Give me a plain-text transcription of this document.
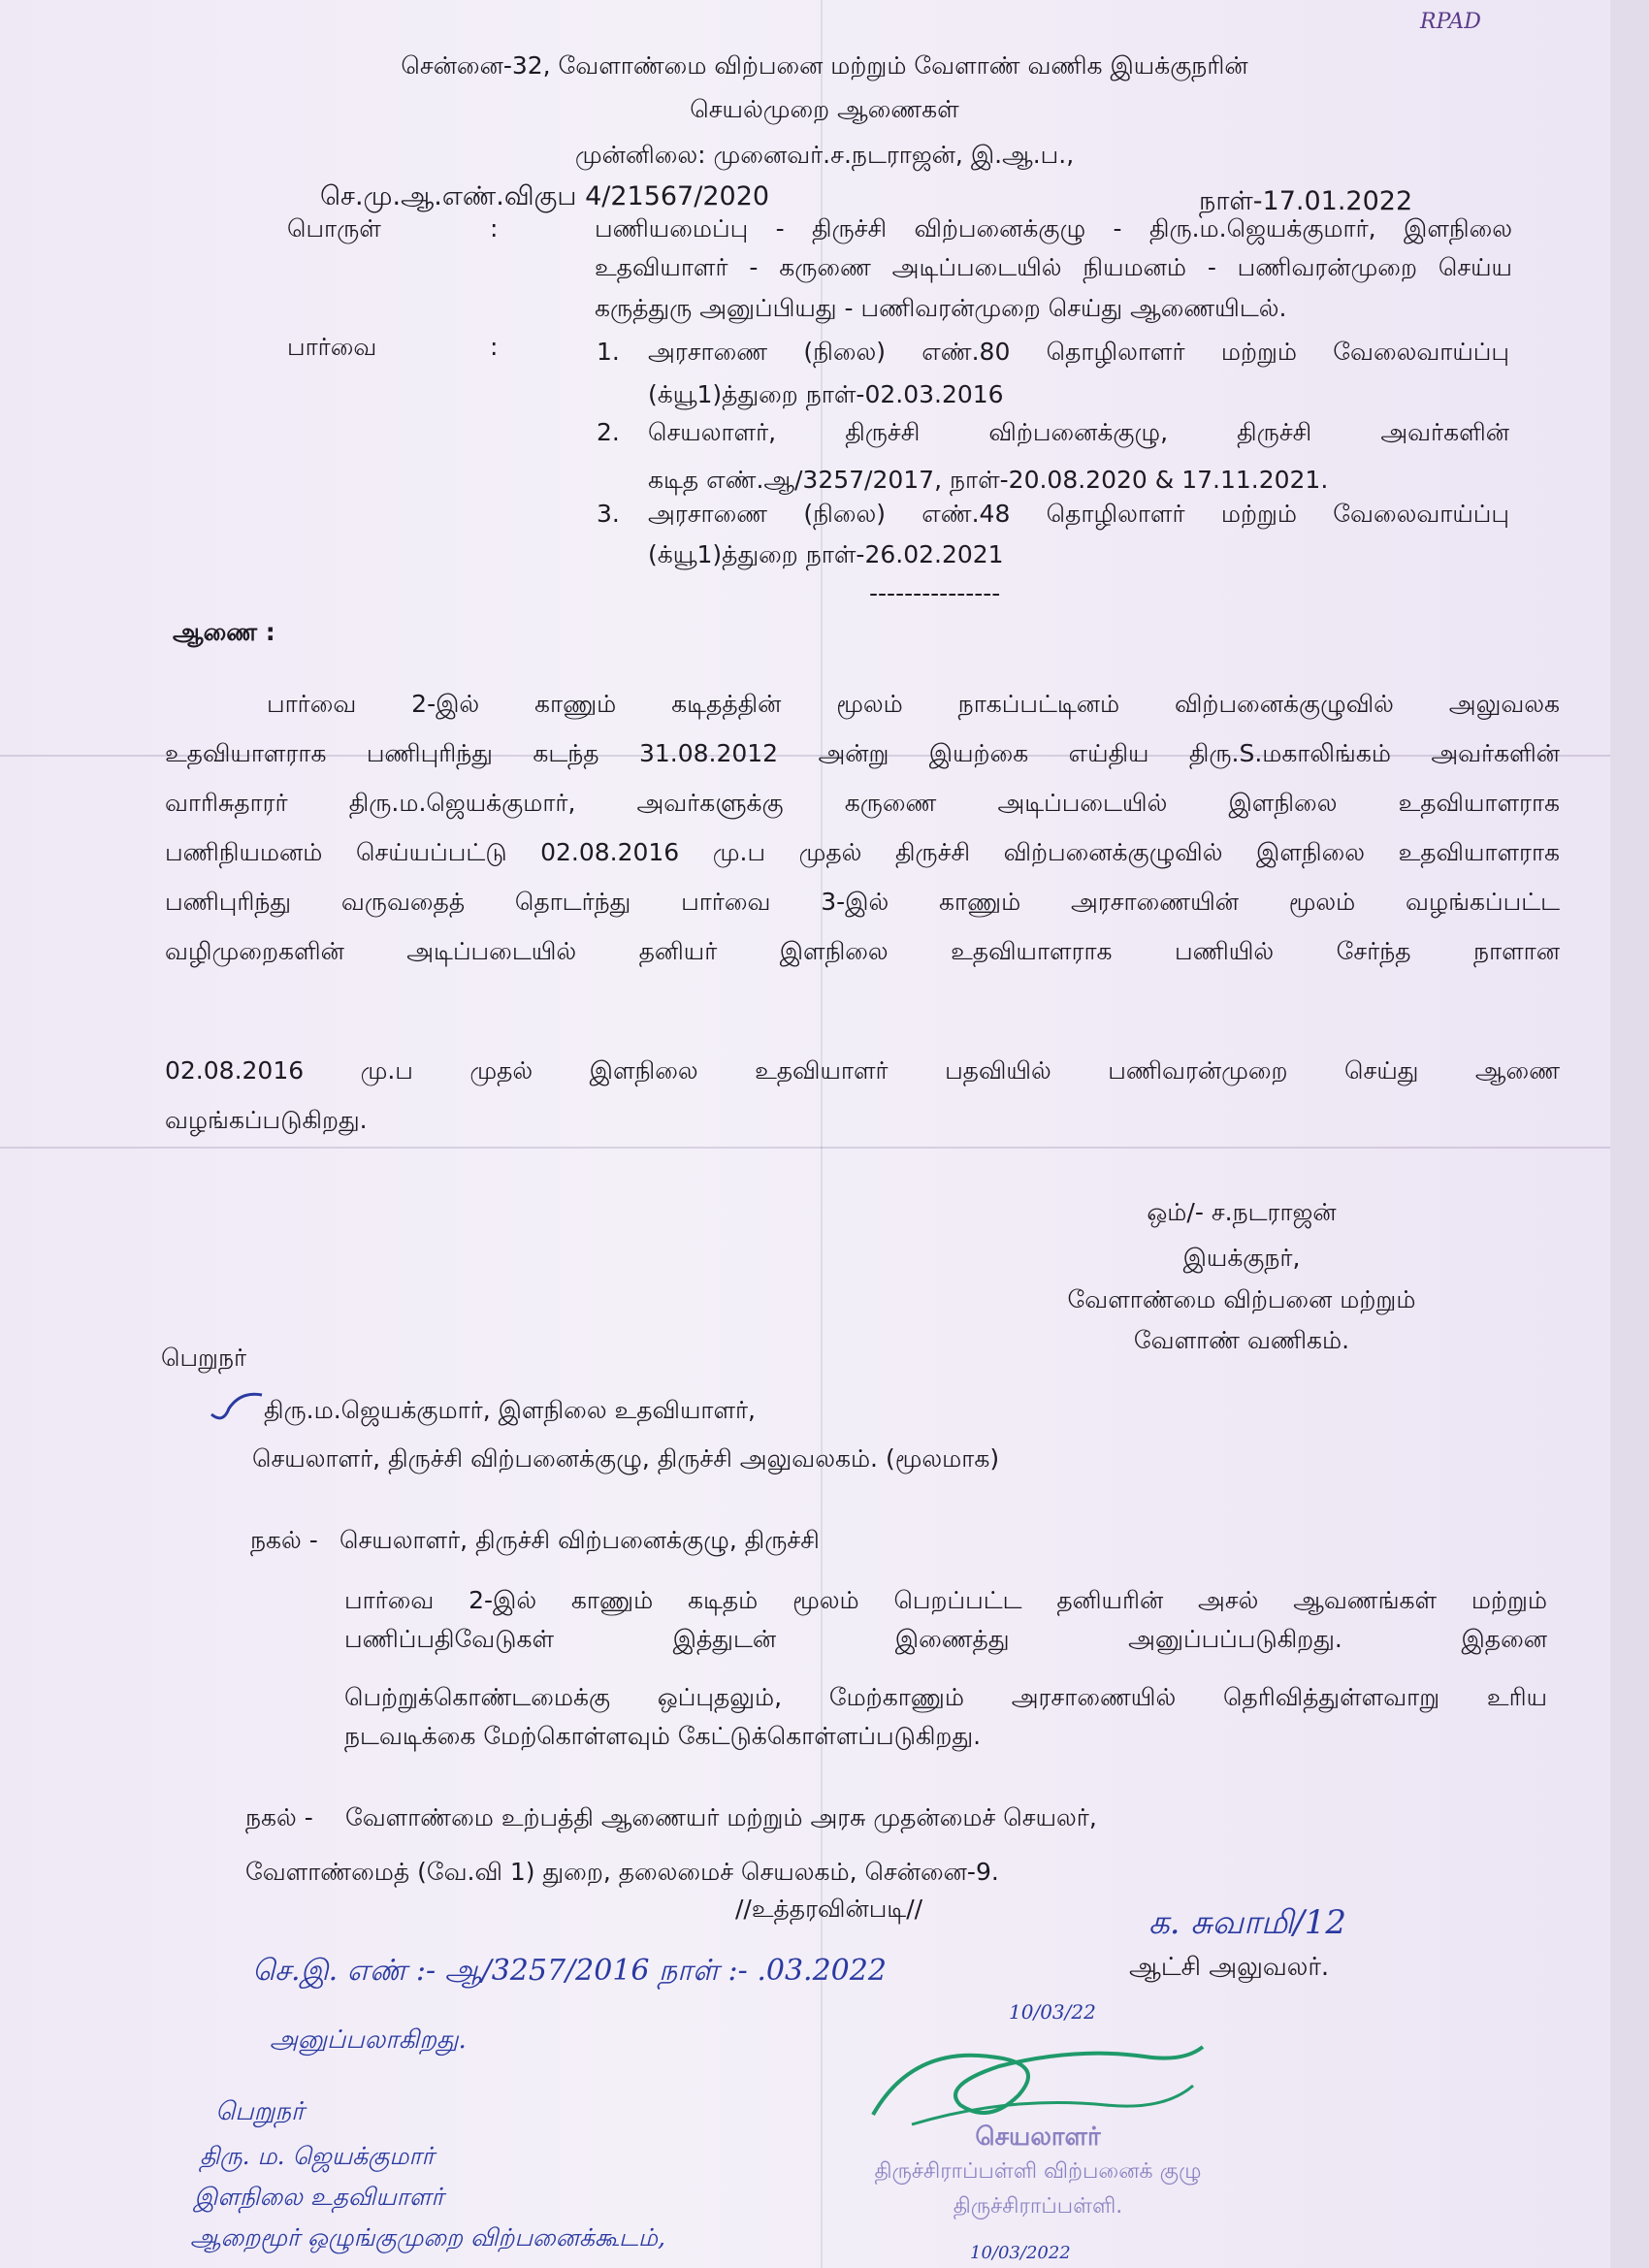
RPAD
சென்னை-32, வேளாண்மை விற்பனை மற்றும் வேளாண் வணிக இயக்குநரின்
செயல்முறை ஆணைகள்
முன்னிலை: முனைவர்.ச.நடராஜன், இ.ஆ.ப.,
செ.மு.ஆ.எண்.விகுப 4/21567/2020	நாள்-17.01.2022
பொருள்	:	பணியமைப்பு - திருச்சி விற்பனைக்குழு - திரு.ம.ஜெயக்குமார், இளநிலை
உதவியாளர் - கருணை அடிப்படையில் நியமனம் - பணிவரன்முறை செய்ய
கருத்துரு அனுப்பியது - பணிவரன்முறை செய்து ஆணையிடல்.
பார்வை	:	1. அரசாணை (நிலை) எண்.80 தொழிலாளர் மற்றும் வேலைவாய்ப்பு
(க்யூ1)த்துறை நாள்-02.03.2016
2. செயலாளர், திருச்சி விற்பனைக்குழு, திருச்சி அவர்களின்
கடித எண்.ஆ/3257/2017, நாள்-20.08.2020 & 17.11.2021.
3. அரசாணை (நிலை) எண்.48 தொழிலாளர் மற்றும் வேலைவாய்ப்பு
(க்யூ1)த்துறை நாள்-26.02.2021
---------------
ஆணை :
பார்வை 2-இல் காணும் கடிதத்தின் மூலம் நாகப்பட்டினம் விற்பனைக்குழுவில் அலுவலக
உதவியாளராக பணிபுரிந்து கடந்த 31.08.2012 அன்று இயற்கை எய்திய திரு.S.மகாலிங்கம் அவர்களின்
வாரிசுதாரர் திரு.ம.ஜெயக்குமார், அவர்களுக்கு கருணை அடிப்படையில் இளநிலை உதவியாளராக
பணிநியமனம் செய்யப்பட்டு 02.08.2016 மு.ப முதல் திருச்சி விற்பனைக்குழுவில் இளநிலை உதவியாளராக
பணிபுரிந்து வருவதைத் தொடர்ந்து பார்வை 3-இல் காணும் அரசாணையின் மூலம் வழங்கப்பட்ட
வழிமுறைகளின் அடிப்படையில் தனியர் இளநிலை உதவியாளராக பணியில் சேர்ந்த நாளான
02.08.2016 மு.ப முதல் இளநிலை உதவியாளர் பதவியில் பணிவரன்முறை செய்து ஆணை
வழங்கப்படுகிறது.
ஒம்/- ச.நடராஜன்
இயக்குநர்,
வேளாண்மை விற்பனை மற்றும்
வேளாண் வணிகம்.
பெறுநர்
திரு.ம.ஜெயக்குமார், இளநிலை உதவியாளர்,
செயலாளர், திருச்சி விற்பனைக்குழு, திருச்சி அலுவலகம். (மூலமாக)
நகல் - செயலாளர், திருச்சி விற்பனைக்குழு, திருச்சி
பார்வை 2-இல் காணும் கடிதம் மூலம் பெறப்பட்ட தனியரின் அசல் ஆவணங்கள் மற்றும்
பணிப்பதிவேடுகள் இத்துடன் இணைத்து அனுப்பப்படுகிறது. இதனை
பெற்றுக்கொண்டமைக்கு ஒப்புதலும், மேற்காணும் அரசாணையில் தெரிவித்துள்ளவாறு உரிய
நடவடிக்கை மேற்கொள்ளவும் கேட்டுக்கொள்ளப்படுகிறது.
நகல் - வேளாண்மை உற்பத்தி ஆணையர் மற்றும் அரசு முதன்மைச் செயலர்,
வேளாண்மைத் (வே.வி 1) துறை, தலைமைச் செயலகம், சென்னை-9.
//உத்தரவின்படி//	க. சுவாமி/12
ஆட்சி அலுவலர்.
செ.இ. எண் :- ஆ/3257/2016 நாள் :- .03.2022
அனுப்பலாகிறது.
10/03/22
பெறுநர்
திரு. ம. ஜெயக்குமார்
இளநிலை உதவியாளர்
ஆறைமூர் ஒழுங்குமுறை விற்பனைக்கூடம்,
10/03/2022
செயலாளர்
திருச்சிராப்பள்ளி விற்பனைக் குழு
திருச்சிராப்பள்ளி.
